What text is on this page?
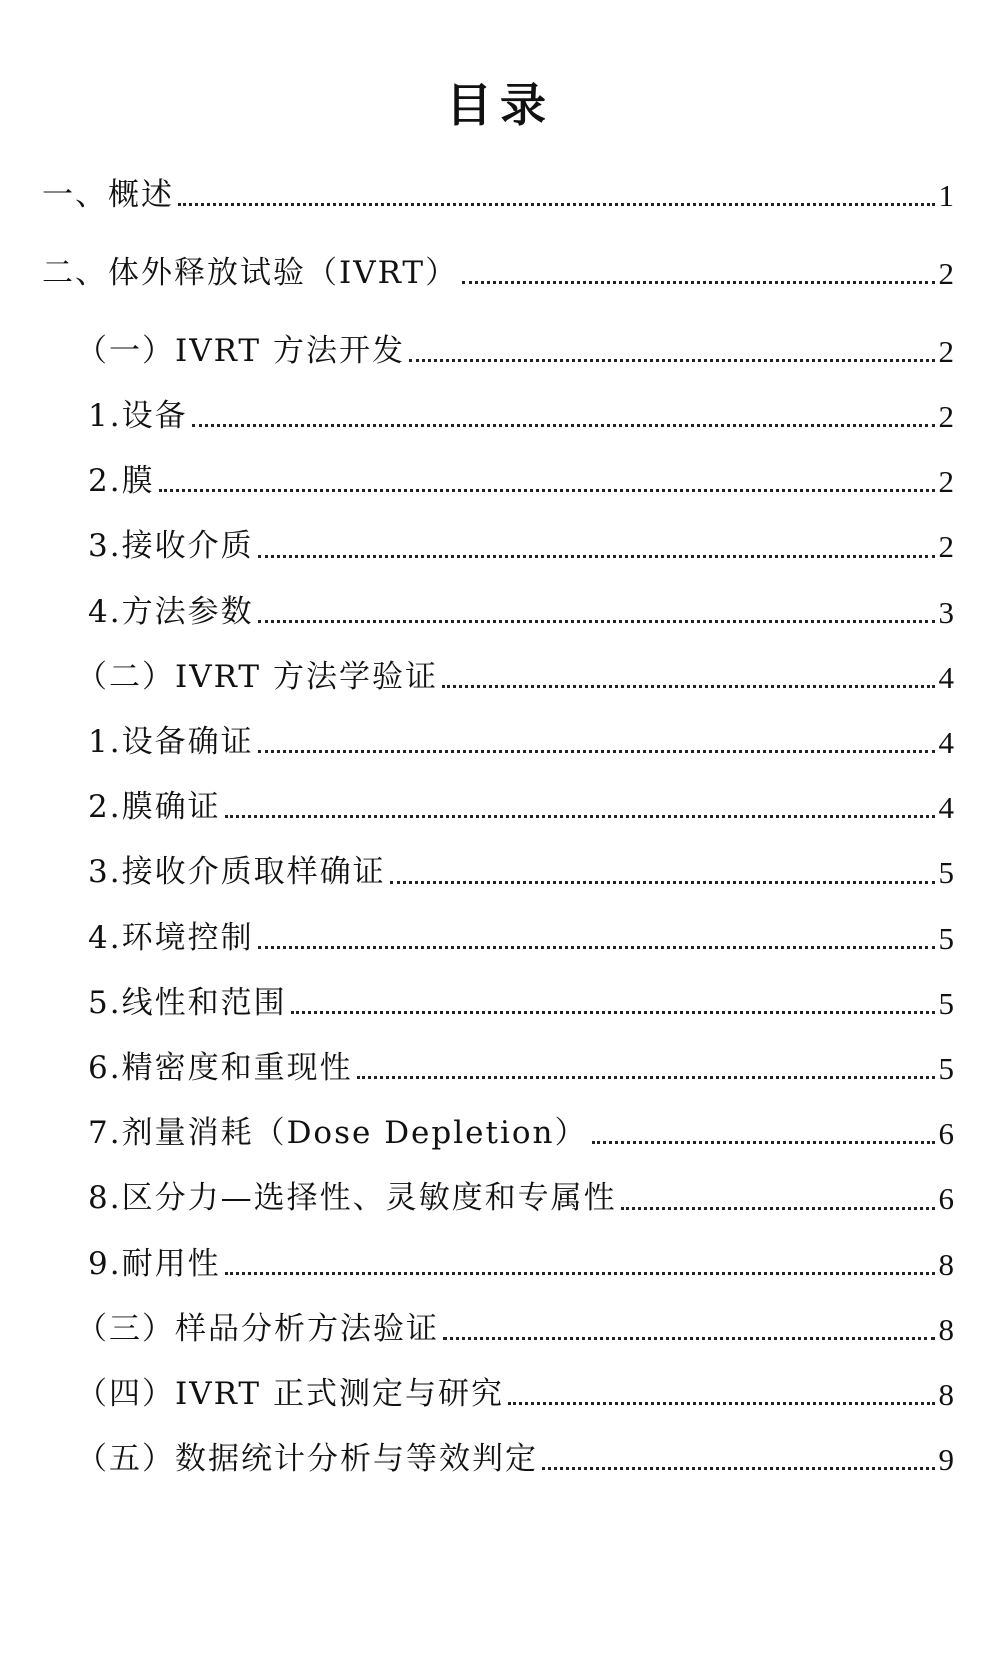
目录
一、概述	1
二、体外释放试验（IVRT）	2
（一）IVRT 方法开发	2
1.设备	2
2.膜	2
3.接收介质	2
4.方法参数	3
（二）IVRT 方法学验证	4
1.设备确证	4
2.膜确证	4
3.接收介质取样确证	5
4.环境控制	5
5.线性和范围	5
6.精密度和重现性	5
7.剂量消耗（Dose Depletion）	6
8.区分力—选择性、灵敏度和专属性	6
9.耐用性	8
（三）样品分析方法验证	8
（四）IVRT 正式测定与研究	8
（五）数据统计分析与等效判定	9
